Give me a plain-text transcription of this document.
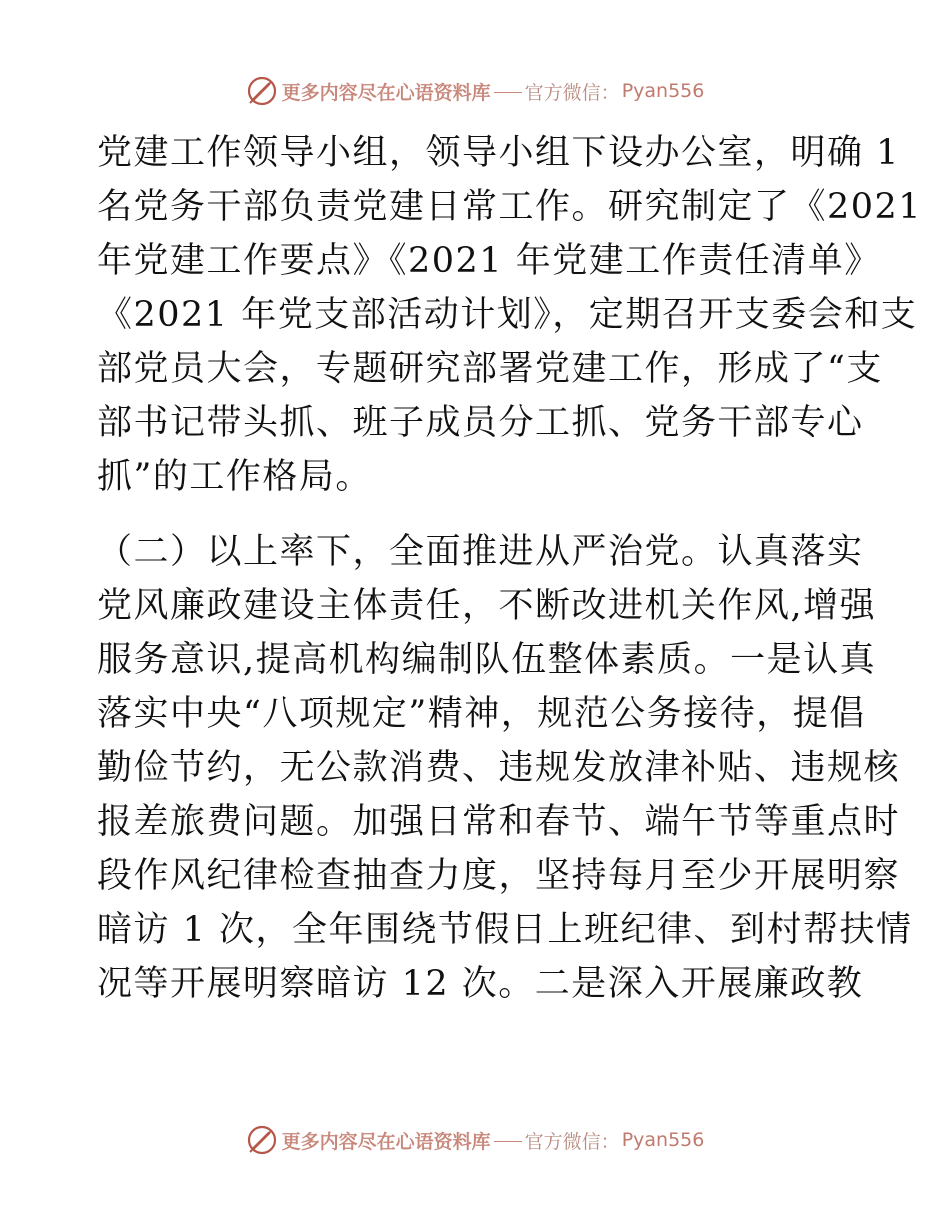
更多内容尽在心语资料库 官方微信： Pyan556
党建工作领导小组，领导小组下设办公室，明确 1
名党务干部负责党建日常工作。研究制定了《2021
年党建工作要点》《2021 年党建工作责任清单》
《2021 年党支部活动计划》，定期召开支委会和支
部党员大会，专题研究部署党建工作，形成了“支
部书记带头抓、班子成员分工抓、党务干部专心
抓”的工作格局。
（二）以上率下，全面推进从严治党。认真落实
党风廉政建设主体责任，不断改进机关作风,增强
服务意识,提高机构编制队伍整体素质。一是认真
落实中央“八项规定”精神，规范公务接待，提倡
勤俭节约，无公款消费、违规发放津补贴、违规核
报差旅费问题。加强日常和春节、端午节等重点时
段作风纪律检查抽查力度，坚持每月至少开展明察
暗访 1 次，全年围绕节假日上班纪律、到村帮扶情
况等开展明察暗访 12 次。二是深入开展廉政教
更多内容尽在心语资料库 官方微信： Pyan556
